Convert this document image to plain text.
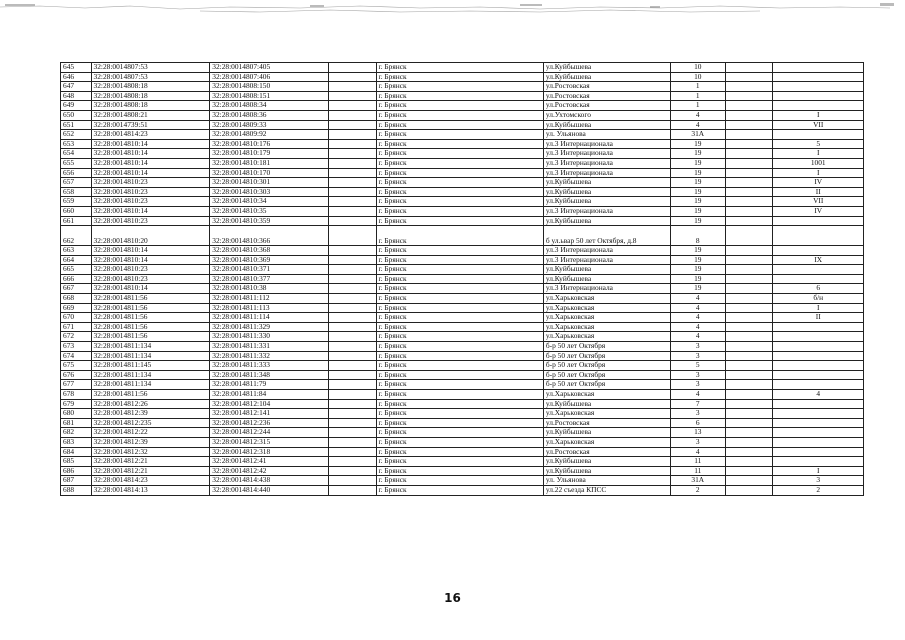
645	32:28:0014807:53	32:28:0014807:405		г. Брянск	ул.Куйбышева	10		
646	32:28:0014807:53	32:28:0014807:406		г. Брянск	ул.Куйбышева	10		
647	32:28:0014808:18	32:28:0014808:150		г. Брянск	ул.Ростовская	1		
648	32:28:0014808:18	32:28:0014808:151		г. Брянск	ул.Ростовская	1		
649	32:28:0014808:18	32:28:0014808:34		г. Брянск	ул.Ростовская	1		
650	32:28:0014808:21	32:28:0014808:36		г. Брянск	ул.Ухтомского	4		I
651	32:28:0014739:51	32:28:0014809:33		г. Брянск	ул.Куйбышева	4		VII
652	32:28:0014814:23	32:28:0014809:92		г. Брянск	ул. Ульянова	31А		
653	32:28:0014810:14	32:28:0014810:176		г. Брянск	ул.3 Интернационала	19		5
654	32:28:0014810:14	32:28:0014810:179		г. Брянск	ул.3 Интернационала	19		I
655	32:28:0014810:14	32:28:0014810:181		г. Брянск	ул.3 Интернационала	19		1001
656	32:28:0014810:14	32:28:0014810:170		г. Брянск	ул.3 Интернационала	19		I
657	32:28:0014810:23	32:28:0014810:301		г. Брянск	ул.Куйбышева	19		IV
658	32:28:0014810:23	32:28:0014810:303		г. Брянск	ул.Куйбышева	19		II
659	32:28:0014810:23	32:28:0014810:34		г. Брянск	ул.Куйбышева	19		VII
660	32:28:0014810:14	32:28:0014810:35		г. Брянск	ул.3 Интернационала	19		IV
661	32:28:0014810:23	32:28:0014810:359		г. Брянск	ул.Куйбышева	19		
662	32:28:0014810:20	32:28:0014810:366		г. Брянск	б ул.ьвар 50 лет Октября, д.8	8		
663	32:28:0014810:14	32:28:0014810:368		г. Брянск	ул.3 Интернационала	19		
664	32:28:0014810:14	32:28:0014810:369		г. Брянск	ул.3 Интернационала	19		IX
665	32:28:0014810:23	32:28:0014810:371		г. Брянск	ул.Куйбышева	19		
666	32:28:0014810:23	32:28:0014810:377		г. Брянск	ул.Куйбышева	19		
667	32:28:0014810:14	32:28:0014810:38		г. Брянск	ул.3 Интернационала	19		6
668	32:28:0014811:56	32:28:0014811:112		г. Брянск	ул.Харьковская	4		б/н
669	32:28:0014811:56	32:28:0014811:113		г. Брянск	ул.Харьковская	4		I
670	32:28:0014811:56	32:28:0014811:114		г. Брянск	ул.Харьковская	4		II
671	32:28:0014811:56	32:28:0014811:329		г. Брянск	ул.Харьковская	4		
672	32:28:0014811:56	32:28:0014811:330		г. Брянск	ул.Харьковская	4		
673	32:28:0014811:134	32:28:0014811:331		г. Брянск	б-р 50 лет Октября	3		
674	32:28:0014811:134	32:28:0014811:332		г. Брянск	б-р 50 лет Октября	3		
675	32:28:0014811:145	32:28:0014811:333		г. Брянск	б-р 50 лет Октября	5		
676	32:28:0014811:134	32:28:0014811:348		г. Брянск	б-р 50 лет Октября	3		
677	32:28:0014811:134	32:28:0014811:79		г. Брянск	б-р 50 лет Октября	3		
678	32:28:0014811:56	32:28:0014811:84		г. Брянск	ул.Харьковская	4		4
679	32:28:0014812:26	32:28:0014812:104		г. Брянск	ул.Куйбышева	7		
680	32:28:0014812:39	32:28:0014812:141		г. Брянск	ул.Харьковская	3		
681	32:28:0014812:235	32:28:0014812:236		г. Брянск	ул.Ростовская	6		
682	32:28:0014812:22	32:28:0014812:244		г. Брянск	ул.Куйбышева	13		
683	32:28:0014812:39	32:28:0014812:315		г. Брянск	ул.Харьковская	3		
684	32:28:0014812:32	32:28:0014812:318		г. Брянск	ул.Ростовская	4		
685	32:28:0014812:21	32:28:0014812:41		г. Брянск	ул.Куйбышева	11		
686	32:28:0014812:21	32:28:0014812:42		г. Брянск	ул.Куйбышева	11		I
687	32:28:0014814:23	32:28:0014814:438		г. Брянск	ул. Ульянова	31А		3
688	32:28:0014814:13	32:28:0014814:440		г. Брянск	ул.22 съезда КПСС	2		2
16
